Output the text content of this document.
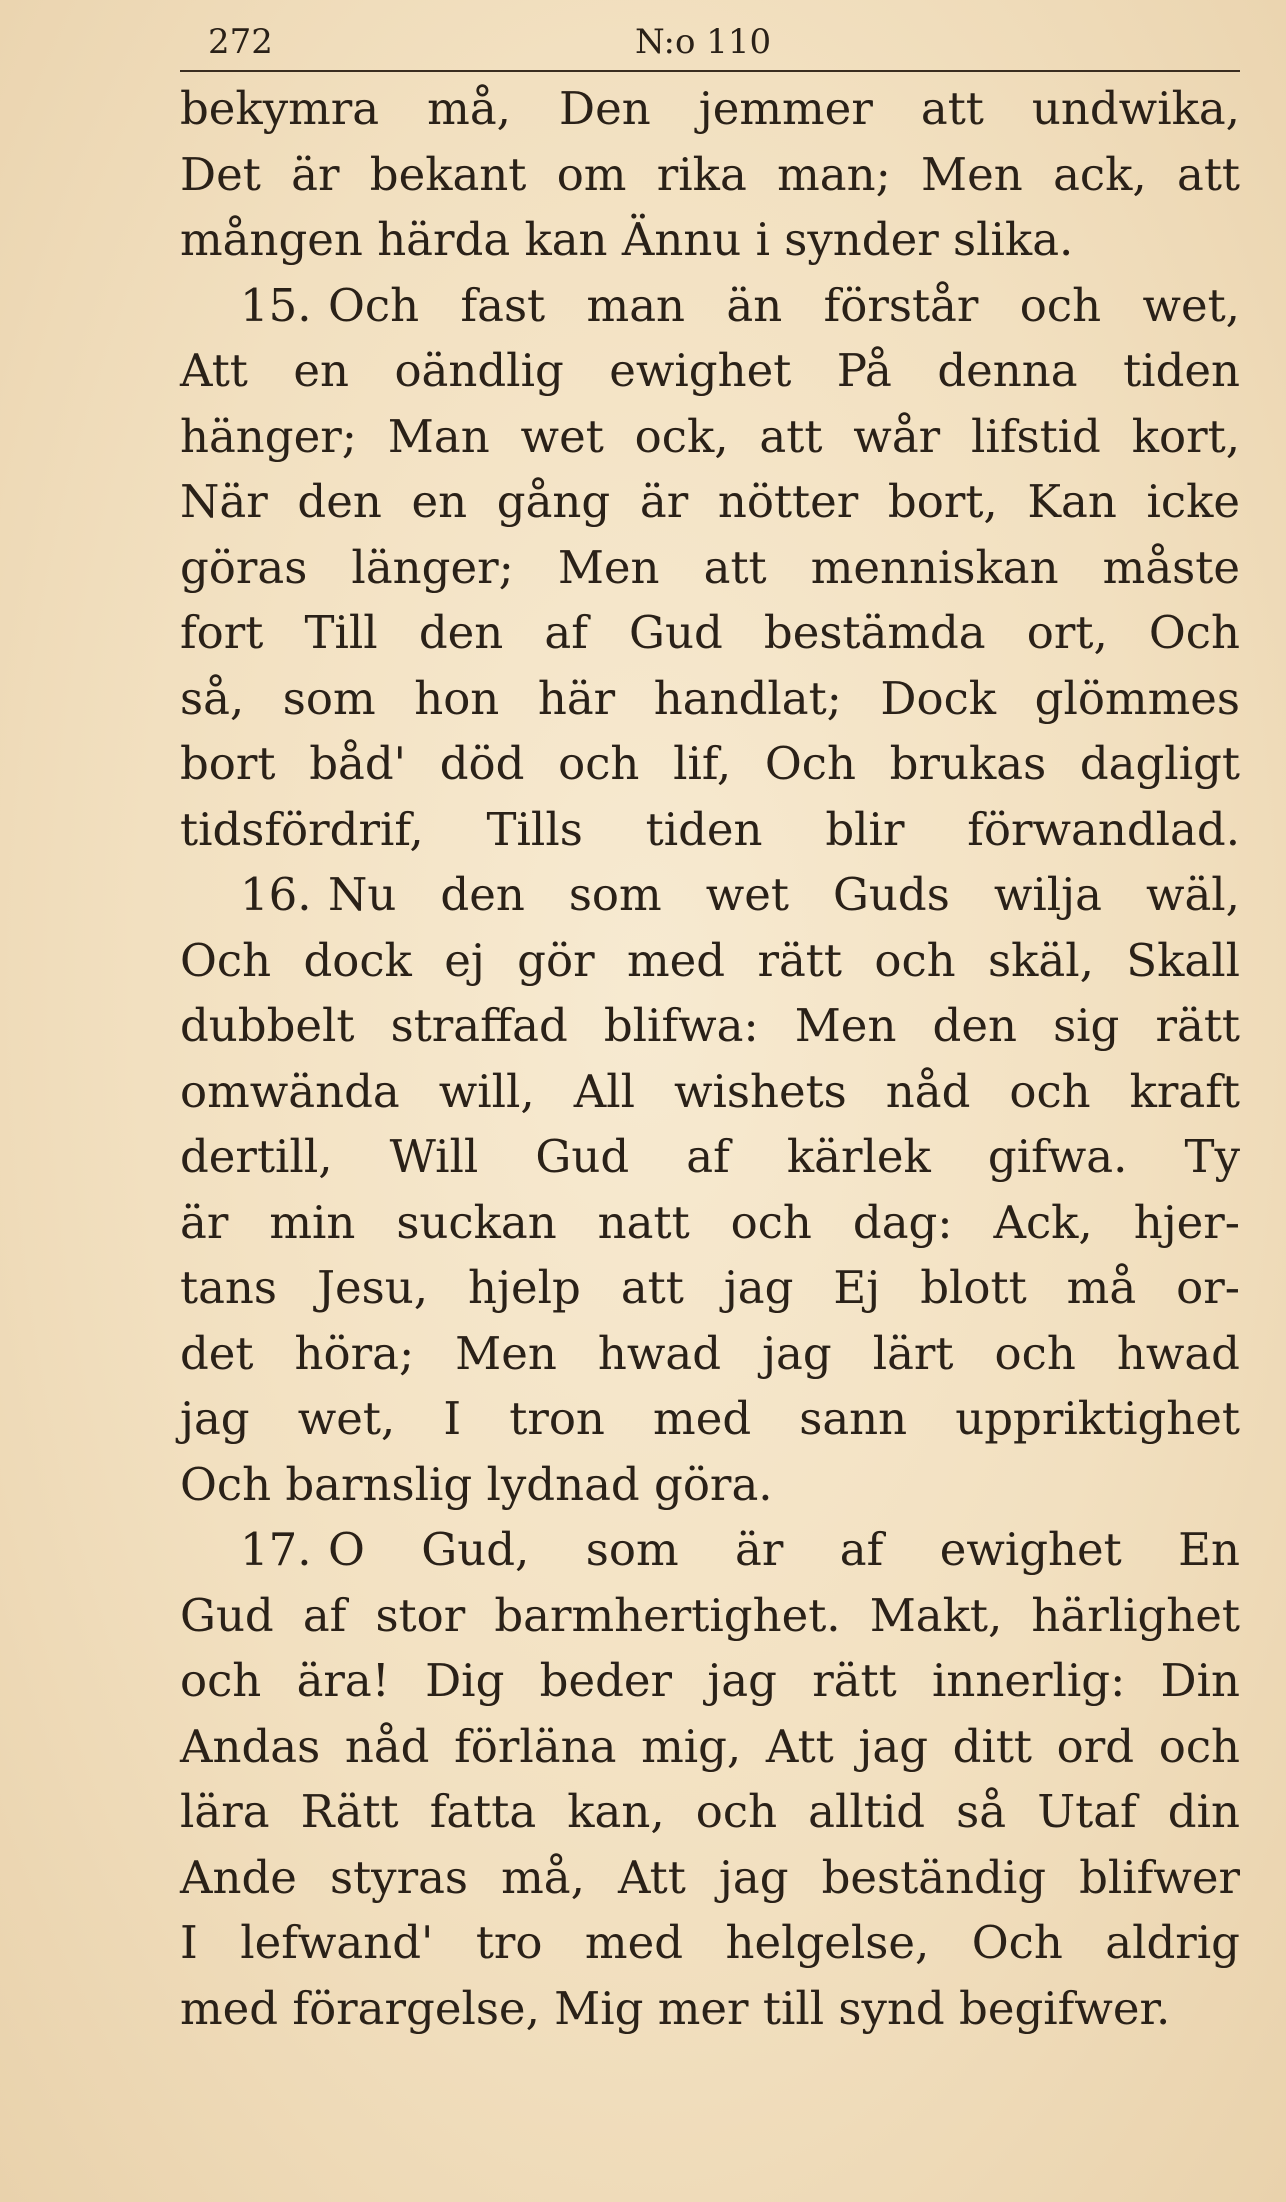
272	N:o 110
bekymra må, Den jemmer att undwika,
Det är bekant om rika man; Men ack, att
mången härda kan Ännu i synder slika.
15. Och fast man än förstår och wet,
Att en oändlig ewighet På denna tiden
hänger; Man wet ock, att wår lifstid kort,
När den en gång är nötter bort, Kan icke
göras länger; Men att menniskan måste
fort Till den af Gud bestämda ort, Och
så, som hon här handlat; Dock glömmes
bort båd' död och lif, Och brukas dagligt
tidsfördrif, Tills tiden blir förwandlad.
16. Nu den som wet Guds wilja wäl,
Och dock ej gör med rätt och skäl, Skall
dubbelt straffad blifwa: Men den sig rätt
omwända will, All wishets nåd och kraft
dertill, Will Gud af kärlek gifwa. Ty
är min suckan natt och dag: Ack, hjer-
tans Jesu, hjelp att jag Ej blott må or-
det höra; Men hwad jag lärt och hwad
jag wet, I tron med sann uppriktighet
Och barnslig lydnad göra.
17. O Gud, som är af ewighet En
Gud af stor barmhertighet. Makt, härlighet
och ära! Dig beder jag rätt innerlig: Din
Andas nåd förläna mig, Att jag ditt ord och
lära Rätt fatta kan, och alltid så Utaf din
Ande styras må, Att jag beständig blifwer
I lefwand' tro med helgelse, Och aldrig
med förargelse, Mig mer till synd begifwer.
